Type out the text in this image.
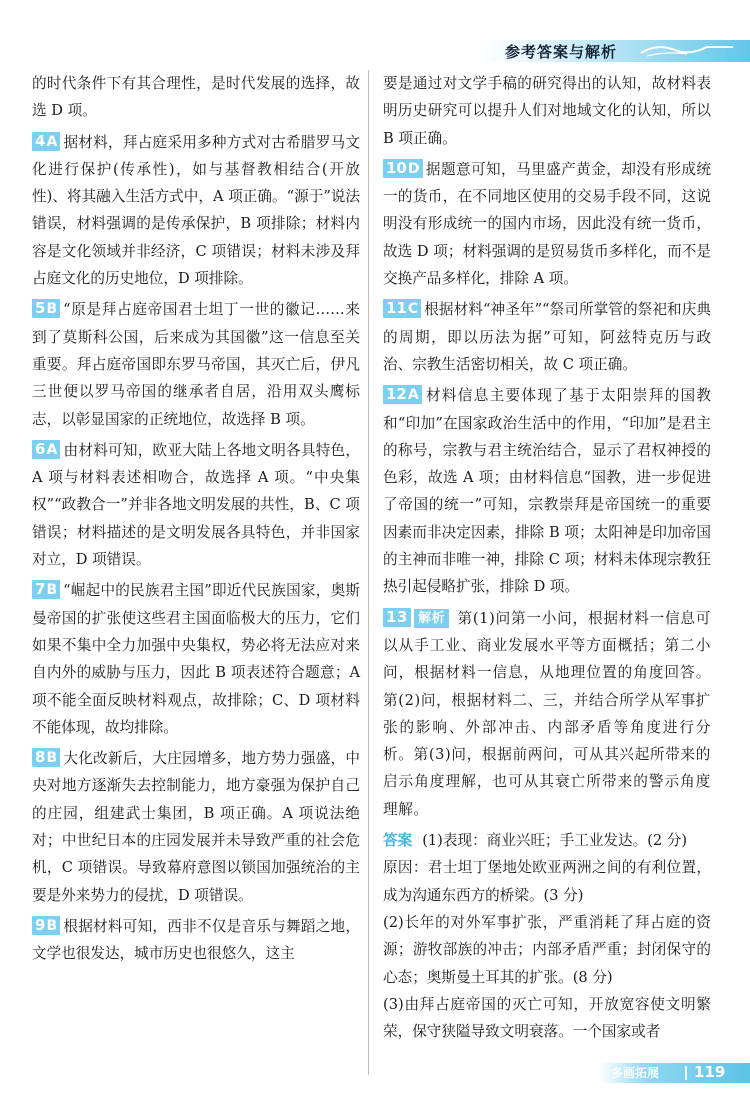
参考答案与解析

的时代条件下有其合理性，是时代发展的选择，故选 D 项。

4A 据材料，拜占庭采用多种方式对古希腊罗马文化进行保护(传承性)，如与基督教相结合(开放性)、将其融入生活方式中，A 项正确。“源于”说法错误，材料强调的是传承保护，B 项排除；材料内容是文化领域并非经济，C 项错误；材料未涉及拜占庭文化的历史地位，D 项排除。

5B “原是拜占庭帝国君士坦丁一世的徽记……来到了莫斯科公国，后来成为其国徽”这一信息至关重要。拜占庭帝国即东罗马帝国，其灭亡后，伊凡三世便以罗马帝国的继承者自居，沿用双头鹰标志，以彰显国家的正统地位，故选择 B 项。

6A 由材料可知，欧亚大陆上各地文明各具特色，A 项与材料表述相吻合，故选择 A 项。“中央集权”“政教合一”并非各地文明发展的共性，B、C 项错误；材料描述的是文明发展各具特色，并非国家对立，D 项错误。

7B “崛起中的民族君主国”即近代民族国家，奥斯曼帝国的扩张使这些君主国面临极大的压力，它们如果不集中全力加强中央集权，势必将无法应对来自内外的威胁与压力，因此 B 项表述符合题意；A 项不能全面反映材料观点，故排除；C、D 项材料不能体现，故均排除。

8B 大化改新后，大庄园增多，地方势力强盛，中央对地方逐渐失去控制能力，地方豪强为保护自己的庄园，组建武士集团，B 项正确。A 项说法绝对；中世纪日本的庄园发展并未导致严重的社会危机，C 项错误。导致幕府意图以锁国加强统治的主要是外来势力的侵扰，D 项错误。

9B 根据材料可知，西非不仅是音乐与舞蹈之地，文学也很发达，城市历史也很悠久，这主

要是通过对文学手稿的研究得出的认知，故材料表明历史研究可以提升人们对地域文化的认知，所以 B 项正确。

10D 据题意可知，马里盛产黄金，却没有形成统一的货币，在不同地区使用的交易手段不同，这说明没有形成统一的国内市场，因此没有统一货币，故选 D 项；材料强调的是贸易货币多样化，而不是交换产品多样化，排除 A 项。

11C 根据材料“神圣年”“祭司所掌管的祭祀和庆典的周期，即以历法为据”可知，阿兹特克历与政治、宗教生活密切相关，故 C 项正确。

12A 材料信息主要体现了基于太阳崇拜的国教和“印加”在国家政治生活中的作用，“印加”是君主的称号，宗教与君主统治结合，显示了君权神授的色彩，故选 A 项；由材料信息“国教，进一步促进了帝国的统一”可知，宗教崇拜是帝国统一的重要因素而非决定因素，排除 B 项；太阳神是印加帝国的主神而非唯一神，排除 C 项；材料未体现宗教狂热引起侵略扩张，排除 D 项。

13 解析 第(1)问第一小问，根据材料一信息可以从手工业、商业发展水平等方面概括；第二小问，根据材料一信息，从地理位置的角度回答。第(2)问，根据材料二、三，并结合所学从军事扩张的影响、外部冲击、内部矛盾等角度进行分析。第(3)问，根据前两问，可从其兴起所带来的启示角度理解，也可从其衰亡所带来的警示角度理解。

答案 (1)表现：商业兴旺；手工业发达。(2 分)

原因：君士坦丁堡地处欧亚两洲之间的有利位置，成为沟通东西方的桥梁。(3 分)

(2)长年的对外军事扩张，严重消耗了拜占庭的资源；游牧部族的冲击；内部矛盾严重；封闭保守的心态；奥斯曼土耳其的扩张。(8 分)

(3)由拜占庭帝国的灭亡可知，开放宽容使文明繁荣，保守狭隘导致文明衰落。一个国家或者

多画拓展 119
